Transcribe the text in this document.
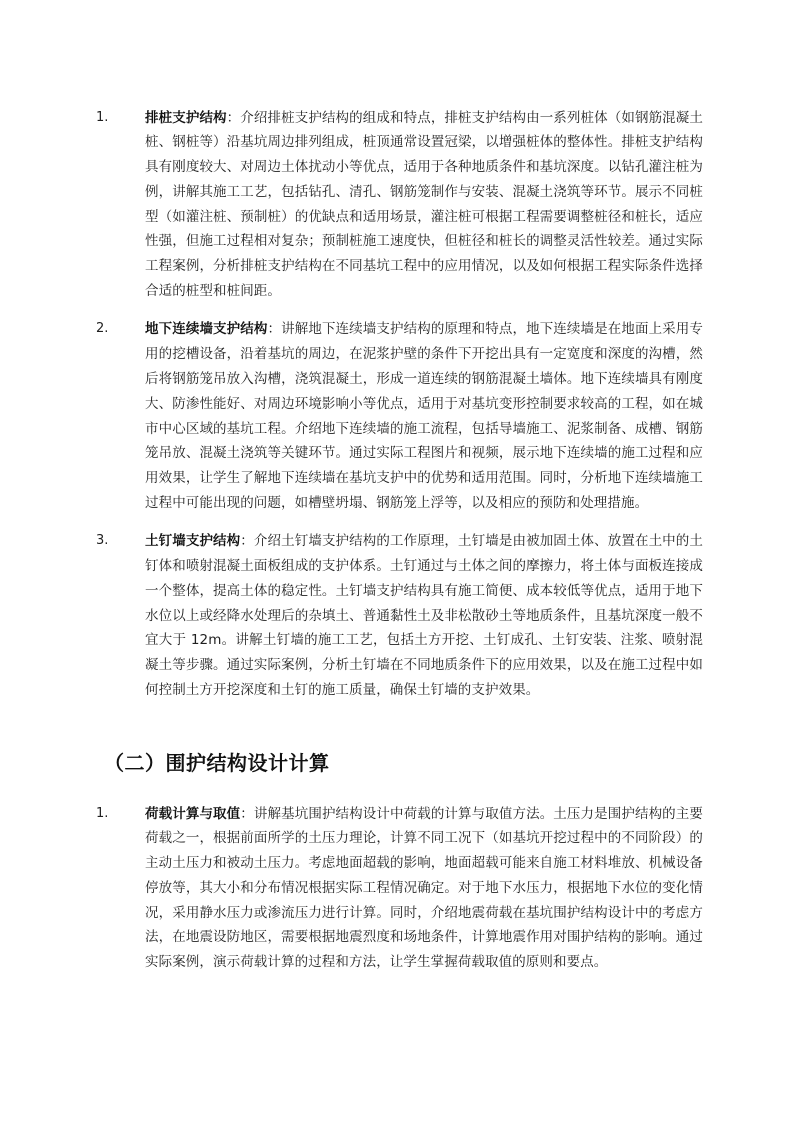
1.	排桩支护结构：介绍排桩支护结构的组成和特点，排桩支护结构由一系列桩体（如钢筋混凝土桩、钢桩等）沿基坑周边排列组成，桩顶通常设置冠梁，以增强桩体的整体性。排桩支护结构具有刚度较大、对周边土体扰动小等优点，适用于各种地质条件和基坑深度。以钻孔灌注桩为例，讲解其施工工艺，包括钻孔、清孔、钢筋笼制作与安装、混凝土浇筑等环节。展示不同桩型（如灌注桩、预制桩）的优缺点和适用场景，灌注桩可根据工程需要调整桩径和桩长，适应性强，但施工过程相对复杂；预制桩施工速度快，但桩径和桩长的调整灵活性较差。通过实际工程案例，分析排桩支护结构在不同基坑工程中的应用情况，以及如何根据工程实际条件选择合适的桩型和桩间距。

2.	地下连续墙支护结构：讲解地下连续墙支护结构的原理和特点，地下连续墙是在地面上采用专用的挖槽设备，沿着基坑的周边，在泥浆护壁的条件下开挖出具有一定宽度和深度的沟槽，然后将钢筋笼吊放入沟槽，浇筑混凝土，形成一道连续的钢筋混凝土墙体。地下连续墙具有刚度大、防渗性能好、对周边环境影响小等优点，适用于对基坑变形控制要求较高的工程，如在城市中心区域的基坑工程。介绍地下连续墙的施工流程，包括导墙施工、泥浆制备、成槽、钢筋笼吊放、混凝土浇筑等关键环节。通过实际工程图片和视频，展示地下连续墙的施工过程和应用效果，让学生了解地下连续墙在基坑支护中的优势和适用范围。同时，分析地下连续墙施工过程中可能出现的问题，如槽壁坍塌、钢筋笼上浮等，以及相应的预防和处理措施。

3.	土钉墙支护结构：介绍土钉墙支护结构的工作原理，土钉墙是由被加固土体、放置在土中的土钉体和喷射混凝土面板组成的支护体系。土钉通过与土体之间的摩擦力，将土体与面板连接成一个整体，提高土体的稳定性。土钉墙支护结构具有施工简便、成本较低等优点，适用于地下水位以上或经降水处理后的杂填土、普通黏性土及非松散砂土等地质条件，且基坑深度一般不宜大于 12m。讲解土钉墙的施工工艺，包括土方开挖、土钉成孔、土钉安装、注浆、喷射混凝土等步骤。通过实际案例，分析土钉墙在不同地质条件下的应用效果，以及在施工过程中如何控制土方开挖深度和土钉的施工质量，确保土钉墙的支护效果。

（二）围护结构设计计算
1.	荷载计算与取值：讲解基坑围护结构设计中荷载的计算与取值方法。土压力是围护结构的主要荷载之一，根据前面所学的土压力理论，计算不同工况下（如基坑开挖过程中的不同阶段）的主动土压力和被动土压力。考虑地面超载的影响，地面超载可能来自施工材料堆放、机械设备停放等，其大小和分布情况根据实际工程情况确定。对于地下水压力，根据地下水位的变化情况，采用静水压力或渗流压力进行计算。同时，介绍地震荷载在基坑围护结构设计中的考虑方法，在地震设防地区，需要根据地震烈度和场地条件，计算地震作用对围护结构的影响。通过实际案例，演示荷载计算的过程和方法，让学生掌握荷载取值的原则和要点。
